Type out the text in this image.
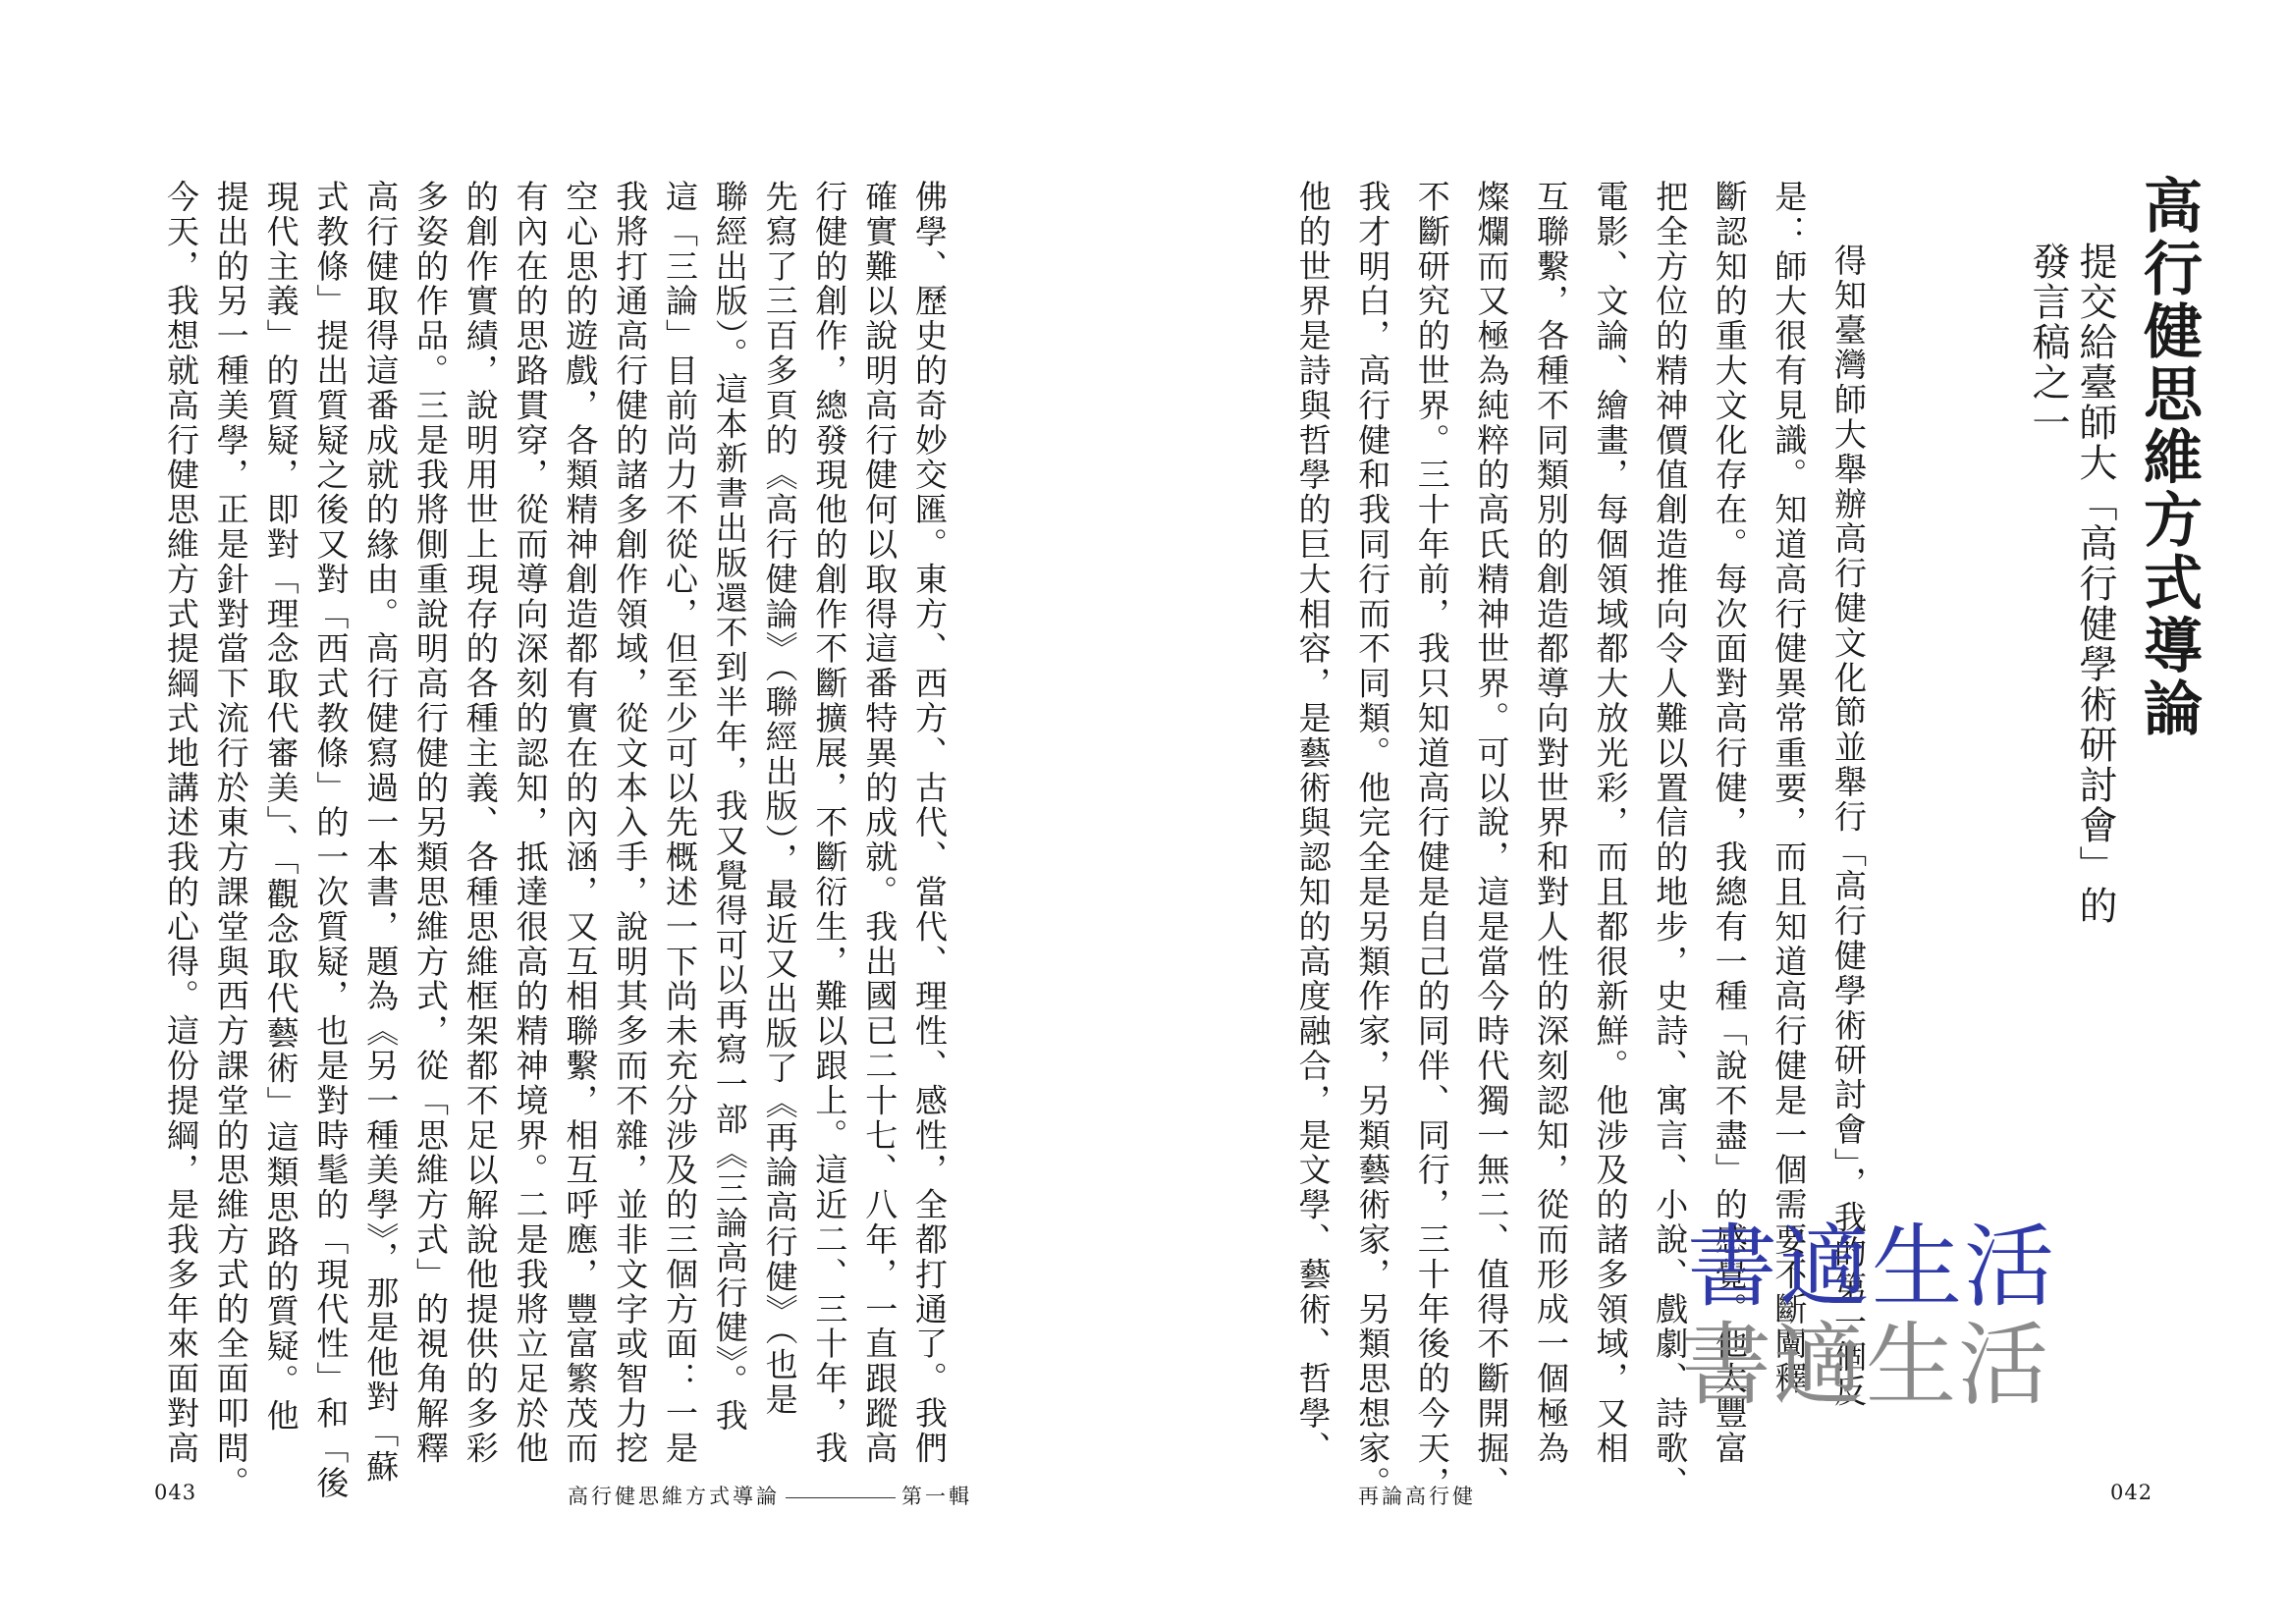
高行健思維方式導論
提交給臺師大「高行健學術研討會」的
發言稿之一
得知臺灣師大舉辦高行健文化節並舉行「高行健學術研討會」，我的第一個反
是：師大很有見識。知道高行健異常重要，而且知道高行健是一個需要不斷闡釋
斷認知的重大文化存在。每次面對高行健，我總有一種「說不盡」的感覺。他太豐富
把全方位的精神價值創造推向令人難以置信的地步，史詩、寓言、小說、戲劇、詩歌、
電影、文論、繪畫，每個領域都大放光彩，而且都很新鮮。他涉及的諸多領域，又相
互聯繫，各種不同類別的創造都導向對世界和對人性的深刻認知，從而形成一個極為
燦爛而又極為純粹的高氏精神世界。可以說，這是當今時代獨一無二、值得不斷開掘、
不斷研究的世界。三十年前，我只知道高行健是自己的同伴、同行，三十年後的今天，
我才明白，高行健和我同行而不同類。他完全是另類作家，另類藝術家，另類思想家。
他的世界是詩與哲學的巨大相容，是藝術與認知的高度融合，是文學、藝術、哲學、
再論高行健	042
佛學、歷史的奇妙交匯。東方、西方、古代、當代、理性、感性，全都打通了。我們
確實難以說明高行健何以取得這番特異的成就。我出國已二十七、八年，一直跟蹤高
行健的創作，總發現他的創作不斷擴展，不斷衍生，難以跟上。這近二、三十年，我
先寫了三百多頁的《高行健論》（聯經出版），最近又出版了《再論高行健》（也是
聯經出版）。這本新書出版還不到半年，我又覺得可以再寫一部《三論高行健》。我
這「三論」目前尚力不從心，但至少可以先概述一下尚未充分涉及的三個方面：一是
我將打通高行健的諸多創作領域，從文本入手，說明其多而不雜，並非文字或智力挖
空心思的遊戲，各類精神創造都有實在的內涵，又互相聯繫，相互呼應，豐富繁茂而
有內在的思路貫穿，從而導向深刻的認知，抵達很高的精神境界。二是我將立足於他
的創作實績，說明用世上現存的各種主義、各種思維框架都不足以解說他提供的多彩
多姿的作品。三是我將側重說明高行健的另類思維方式，從「思維方式」的視角解釋
高行健取得這番成就的緣由。高行健寫過一本書，題為《另一種美學》，那是他對「蘇
式教條」提出質疑之後又對「西式教條」的一次質疑，也是對時髦的「現代性」和「後
現代主義」的質疑，即對「理念取代審美」、「觀念取代藝術」這類思路的質疑。他
提出的另一種美學，正是針對當下流行於東方課堂與西方課堂的思維方式的全面叩問。
今天，我想就高行健思維方式提綱式地講述我的心得。這份提綱，是我多年來面對高
高行健思維方式導論	第一輯
043
書適生活
書適生活
